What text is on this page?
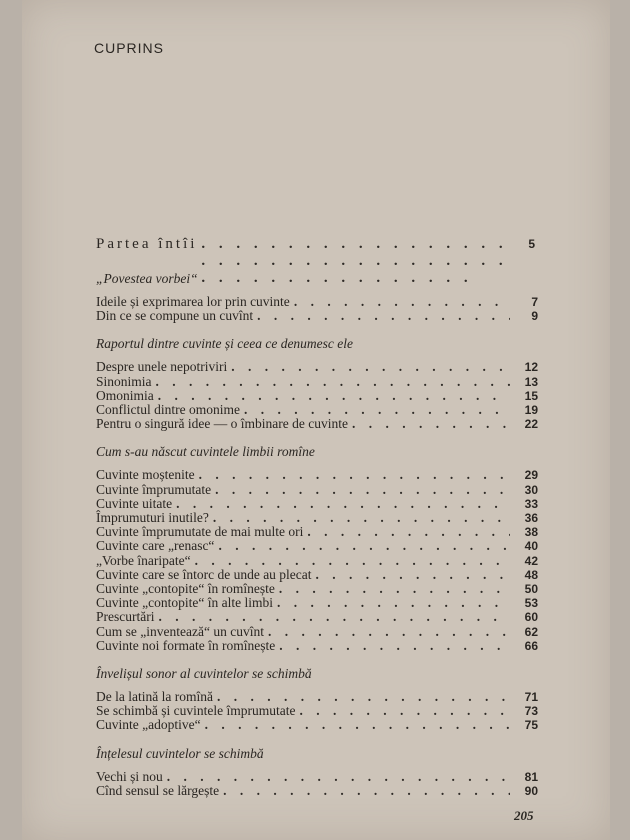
CUPRINS
Partea întîi . . .	5
„Povestea vorbei“
Ideile și exprimarea lor prin cuvinte . . .	7
Din ce se compune un cuvînt . . .	9
Raportul dintre cuvinte și ceea ce denumesc ele
Despre unele nepotriviri . . .	12
Sinonimia . . .	13
Omonimia . . .	15
Conflictul dintre omonime . . .	19
Pentru o singură idee — o îmbinare de cuvinte . . .	22
Cum s-au născut cuvintele limbii romîne
Cuvinte moștenite . . .	29
Cuvinte împrumutate . . .	30
Cuvinte uitate . . .	33
Împrumuturi inutile? . . .	36
Cuvinte împrumutate de mai multe ori . . .	38
Cuvinte care „renasc“ . . .	40
„Vorbe înaripate“ . . .	42
Cuvinte care se întorc de unde au plecat . . .	48
Cuvinte „contopite“ în romînește . . .	50
Cuvinte „contopite“ în alte limbi . . .	53
Prescurtări . . .	60
Cum se „inventează“ un cuvînt . . .	62
Cuvinte noi formate în romînește . . .	66
Învelișul sonor al cuvintelor se schimbă
De la latină la romînă . . .	71
Se schimbă și cuvintele împrumutate . . .	73
Cuvinte „adoptive“ . . .	75
Înțelesul cuvintelor se schimbă
Vechi și nou . . .	81
Cînd sensul se lărgește . . .	90
205
